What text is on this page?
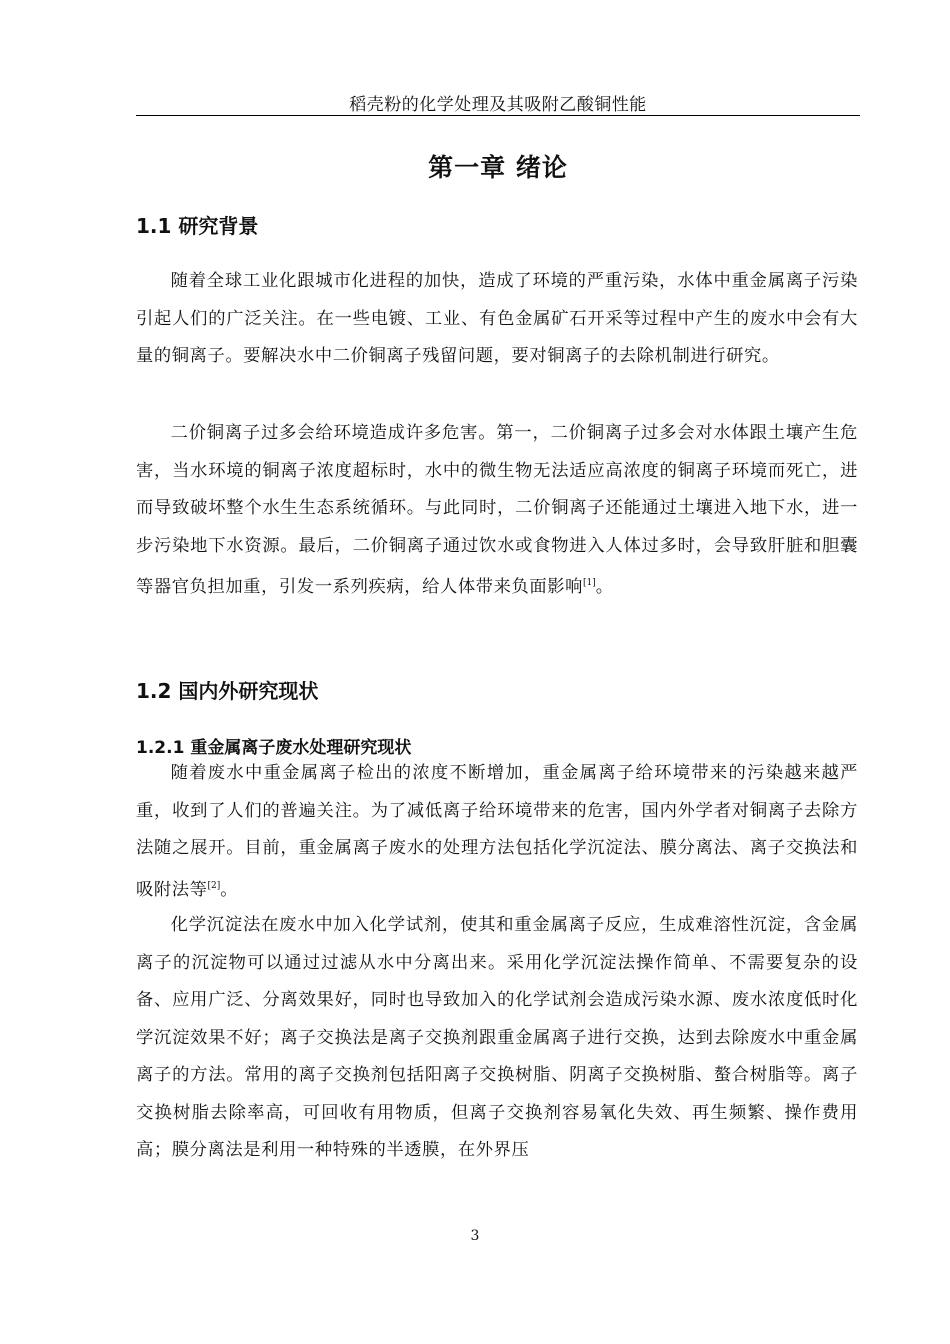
稻壳粉的化学处理及其吸附乙酸铜性能
第一章 绪论
1.1 研究背景

随着全球工业化跟城市化进程的加快，造成了环境的严重污染，水体中重金属离子污染引起人们的广泛关注。在一些电镀、工业、有色金属矿石开采等过程中产生的废水中会有大量的铜离子。要解决水中二价铜离子残留问题，要对铜离子的去除机制进行研究。

二价铜离子过多会给环境造成许多危害。第一，二价铜离子过多会对水体跟土壤产生危害，当水环境的铜离子浓度超标时，水中的微生物无法适应高浓度的铜离子环境而死亡，进而导致破坏整个水生生态系统循环。与此同时，二价铜离子还能通过土壤进入地下水，进一步污染地下水资源。最后，二价铜离子通过饮水或食物进入人体过多时，会导致肝脏和胆囊等器官负担加重，引发一系列疾病，给人体带来负面影响[1]。

1.2 国内外研究现状
1.2.1 重金属离子废水处理研究现状

随着废水中重金属离子检出的浓度不断增加，重金属离子给环境带来的污染越来越严重，收到了人们的普遍关注。为了减低离子给环境带来的危害，国内外学者对铜离子去除方法随之展开。目前，重金属离子废水的处理方法包括化学沉淀法、膜分离法、离子交换法和吸附法等[2]。

化学沉淀法在废水中加入化学试剂，使其和重金属离子反应，生成难溶性沉淀，含金属离子的沉淀物可以通过过滤从水中分离出来。采用化学沉淀法操作简单、不需要复杂的设备、应用广泛、分离效果好，同时也导致加入的化学试剂会造成污染水源、废水浓度低时化学沉淀效果不好；离子交换法是离子交换剂跟重金属离子进行交换，达到去除废水中重金属离子的方法。常用的离子交换剂包括阳离子交换树脂、阴离子交换树脂、螯合树脂等。离子交换树脂去除率高，可回收有用物质，但离子交换剂容易氧化失效、再生频繁、操作费用高；膜分离法是利用一种特殊的半透膜，在外界压

3
